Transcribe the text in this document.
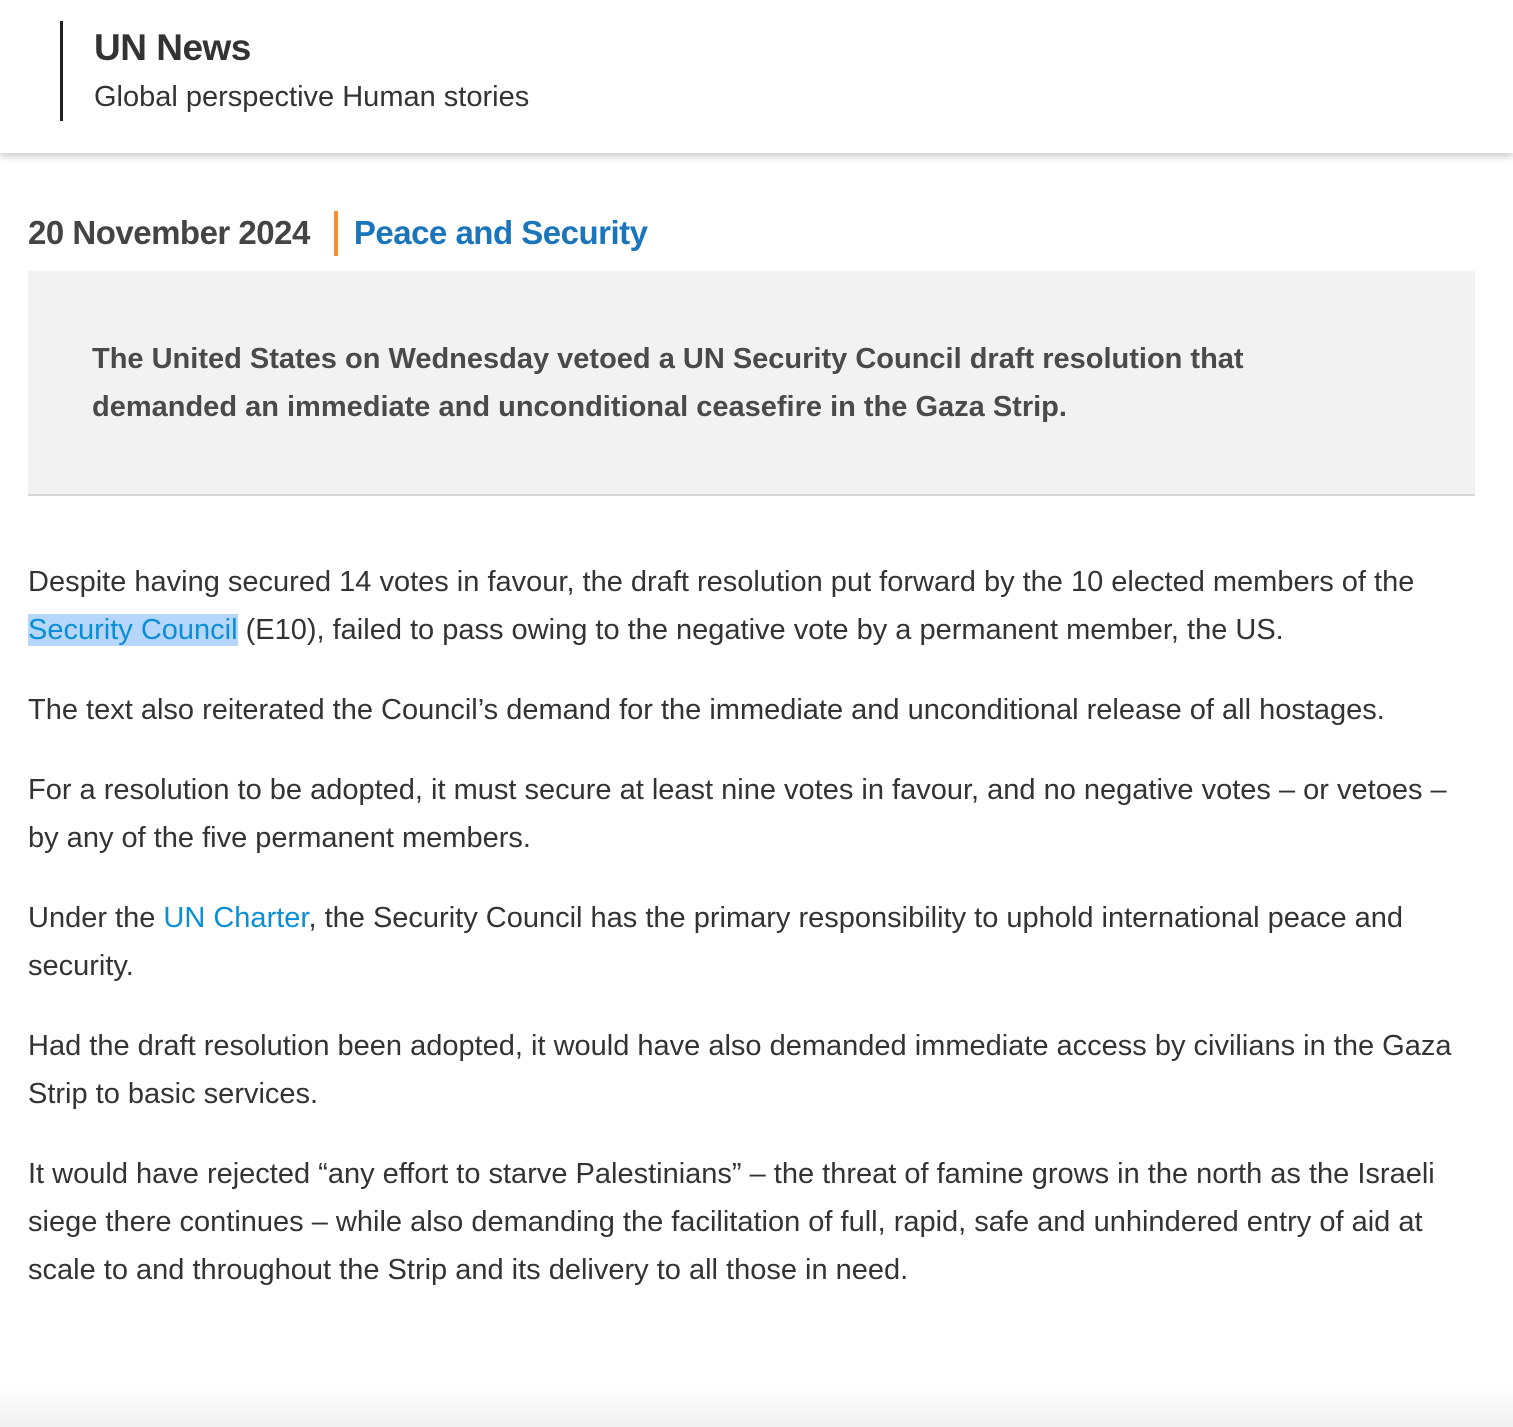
UN News
Global perspective Human stories
20 November 2024 Peace and Security
The United States on Wednesday vetoed a UN Security Council draft resolution that demanded an immediate and unconditional ceasefire in the Gaza Strip.

Despite having secured 14 votes in favour, the draft resolution put forward by the 10 elected members of the Security Council (E10), failed to pass owing to the negative vote by a permanent member, the US.

The text also reiterated the Council’s demand for the immediate and unconditional release of all hostages.

For a resolution to be adopted, it must secure at least nine votes in favour, and no negative votes – or vetoes – by any of the five permanent members.

Under the UN Charter, the Security Council has the primary responsibility to uphold international peace and security.

Had the draft resolution been adopted, it would have also demanded immediate access by civilians in the Gaza Strip to basic services.

It would have rejected “any effort to starve Palestinians” – the threat of famine grows in the north as the Israeli siege there continues – while also demanding the facilitation of full, rapid, safe and unhindered entry of aid at scale to and throughout the Strip and its delivery to all those in need.
